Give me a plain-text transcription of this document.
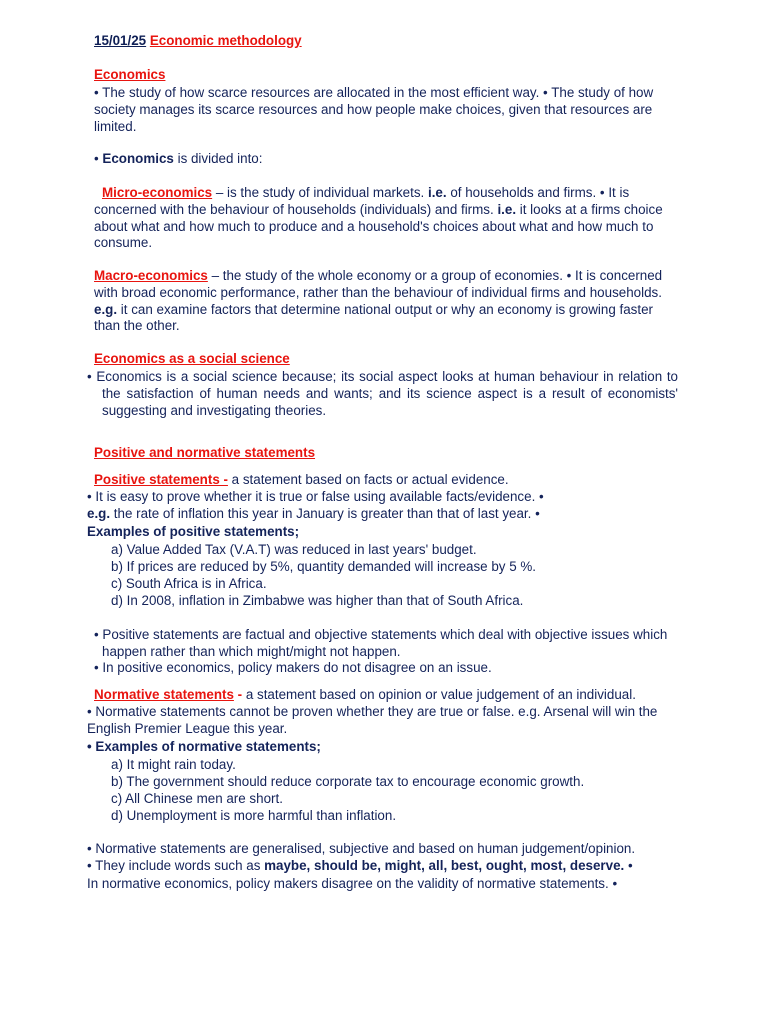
15/01/25 Economic methodology
Economics
• The study of how scarce resources are allocated in the most efficient way. • The study of how society manages its scarce resources and how people make choices, given that resources are limited.
• Economics is divided into:
Micro-economics – is the study of individual markets. i.e. of households and firms. • It is concerned with the behaviour of households (individuals) and firms. i.e. it looks at a firms choice about what and how much to produce and a household's choices about what and how much to consume.
Macro-economics – the study of the whole economy or a group of economies. • It is concerned with broad economic performance, rather than the behaviour of individual firms and households. e.g. it can examine factors that determine national output or why an economy is growing faster than the other.
Economics as a social science
• Economics is a social science because; its social aspect looks at human behaviour in relation to the satisfaction of human needs and wants; and its science aspect is a result of economists' suggesting and investigating theories.
Positive and normative statements
Positive statements - a statement based on facts or actual evidence.
• It is easy to prove whether it is true or false using available facts/evidence. •
e.g. the rate of inflation this year in January is greater than that of last year. •
Examples of positive statements;
a) Value Added Tax (V.A.T) was reduced in last years' budget.
b) If prices are reduced by 5%, quantity demanded will increase by 5 %.
c) South Africa is in Africa.
d) In 2008, inflation in Zimbabwe was higher than that of South Africa.
• Positive statements are factual and objective statements which deal with objective issues which happen rather than which might/might not happen.
• In positive economics, policy makers do not disagree on an issue.
Normative statements - a statement based on opinion or value judgement of an individual.
• Normative statements cannot be proven whether they are true or false. e.g. Arsenal will win the English Premier League this year.
• Examples of normative statements;
a) It might rain today.
b) The government should reduce corporate tax to encourage economic growth.
c) All Chinese men are short.
d) Unemployment is more harmful than inflation.
• Normative statements are generalised, subjective and based on human judgement/opinion.
• They include words such as maybe, should be, might, all, best, ought, most, deserve. •
In normative economics, policy makers disagree on the validity of normative statements. •
